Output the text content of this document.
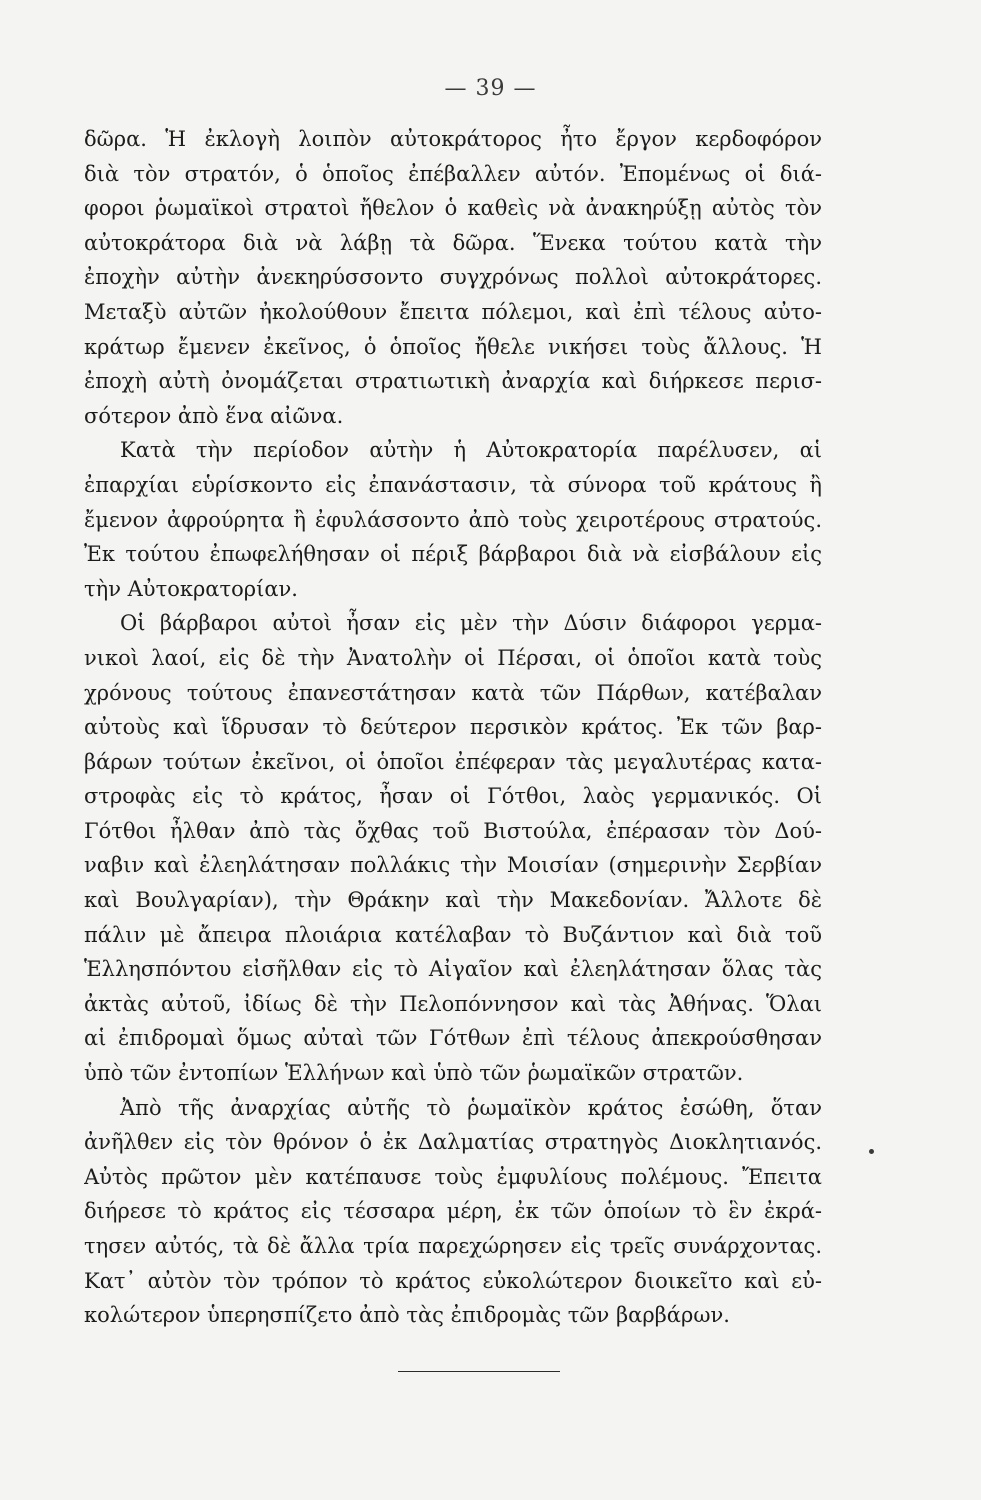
— 39 —
δῶρα. Ἡ ἐκλογὴ λοιπὸν αὐτοκράτορος ἦτο ἔργον κερδοφόρον
διὰ τὸν στρατόν, ὁ ὁποῖος ἐπέβαλλεν αὐτόν. Ἐπομένως οἱ διά-
φοροι ῥωμαϊκοὶ στρατοὶ ἤθελον ὁ καθεὶς νὰ ἀνακηρύξῃ αὐτὸς τὸν
αὐτοκράτορα διὰ νὰ λάβῃ τὰ δῶρα. Ἕνεκα τούτου κατὰ τὴν
ἐποχὴν αὐτὴν ἀνεκηρύσσοντο συγχρόνως πολλοὶ αὐτοκράτορες.
Μεταξὺ αὐτῶν ἠκολούθουν ἔπειτα πόλεμοι, καὶ ἐπὶ τέλους αὐτο-
κράτωρ ἔμενεν ἐκεῖνος, ὁ ὁποῖος ἤθελε νικήσει τοὺς ἄλλους. Ἡ
ἐποχὴ αὐτὴ ὀνομάζεται στρατιωτικὴ ἀναρχία καὶ διήρκεσε περισ-
σότερον ἀπὸ ἕνα αἰῶνα.
Κατὰ τὴν περίοδον αὐτὴν ἡ Αὐτοκρατορία παρέλυσεν, αἱ
ἐπαρχίαι εὑρίσκοντο εἰς ἐπανάστασιν, τὰ σύνορα τοῦ κράτους ἢ
ἔμενον ἀφρούρητα ἢ ἐφυλάσσοντο ἀπὸ τοὺς χειροτέρους στρατούς.
Ἐκ τούτου ἐπωφελήθησαν οἱ πέριξ βάρβαροι διὰ νὰ εἰσβάλουν εἰς
τὴν Αὐτοκρατορίαν.
Οἱ βάρβαροι αὐτοὶ ἦσαν εἰς μὲν τὴν Δύσιν διάφοροι γερμα-
νικοὶ λαοί, εἰς δὲ τὴν Ἀνατολὴν οἱ Πέρσαι, οἱ ὁποῖοι κατὰ τοὺς
χρόνους τούτους ἐπανεστάτησαν κατὰ τῶν Πάρθων, κατέβαλαν
αὐτοὺς καὶ ἵδρυσαν τὸ δεύτερον περσικὸν κράτος. Ἐκ τῶν βαρ-
βάρων τούτων ἐκεῖνοι, οἱ ὁποῖοι ἐπέφεραν τὰς μεγαλυτέρας κατα-
στροφὰς εἰς τὸ κράτος, ἦσαν οἱ Γότθοι, λαὸς γερμανικός. Οἱ
Γότθοι ἦλθαν ἀπὸ τὰς ὄχθας τοῦ Βιστούλα, ἐπέρασαν τὸν Δού-
ναβιν καὶ ἐλεηλάτησαν πολλάκις τὴν Μοισίαν (σημερινὴν Σερβίαν
καὶ Βουλγαρίαν), τὴν Θράκην καὶ τὴν Μακεδονίαν. Ἄλλοτε δὲ
πάλιν μὲ ἄπειρα πλοιάρια κατέλαβαν τὸ Βυζάντιον καὶ διὰ τοῦ
Ἑλλησπόντου εἰσῆλθαν εἰς τὸ Αἰγαῖον καὶ ἐλεηλάτησαν ὅλας τὰς
ἀκτὰς αὐτοῦ, ἰδίως δὲ τὴν Πελοπόννησον καὶ τὰς Ἀθήνας. Ὅλαι
αἱ ἐπιδρομαὶ ὅμως αὐταὶ τῶν Γότθων ἐπὶ τέλους ἀπεκρούσθησαν
ὑπὸ τῶν ἐντοπίων Ἑλλήνων καὶ ὑπὸ τῶν ῥωμαϊκῶν στρατῶν.
Ἀπὸ τῆς ἀναρχίας αὐτῆς τὸ ῥωμαϊκὸν κράτος ἐσώθη, ὅταν
ἀνῆλθεν εἰς τὸν θρόνον ὁ ἐκ Δαλματίας στρατηγὸς Διοκλητιανός.
Αὐτὸς πρῶτον μὲν κατέπαυσε τοὺς ἐμφυλίους πολέμους. Ἔπειτα
διήρεσε τὸ κράτος εἰς τέσσαρα μέρη, ἐκ τῶν ὁποίων τὸ ἓν ἐκρά-
τησεν αὐτός, τὰ δὲ ἄλλα τρία παρεχώρησεν εἰς τρεῖς συνάρχοντας.
Κατ᾽ αὐτὸν τὸν τρόπον τὸ κράτος εὐκολώτερον διοικεῖτο καὶ εὐ-
κολώτερον ὑπερησπίζετο ἀπὸ τὰς ἐπιδρομὰς τῶν βαρβάρων.
